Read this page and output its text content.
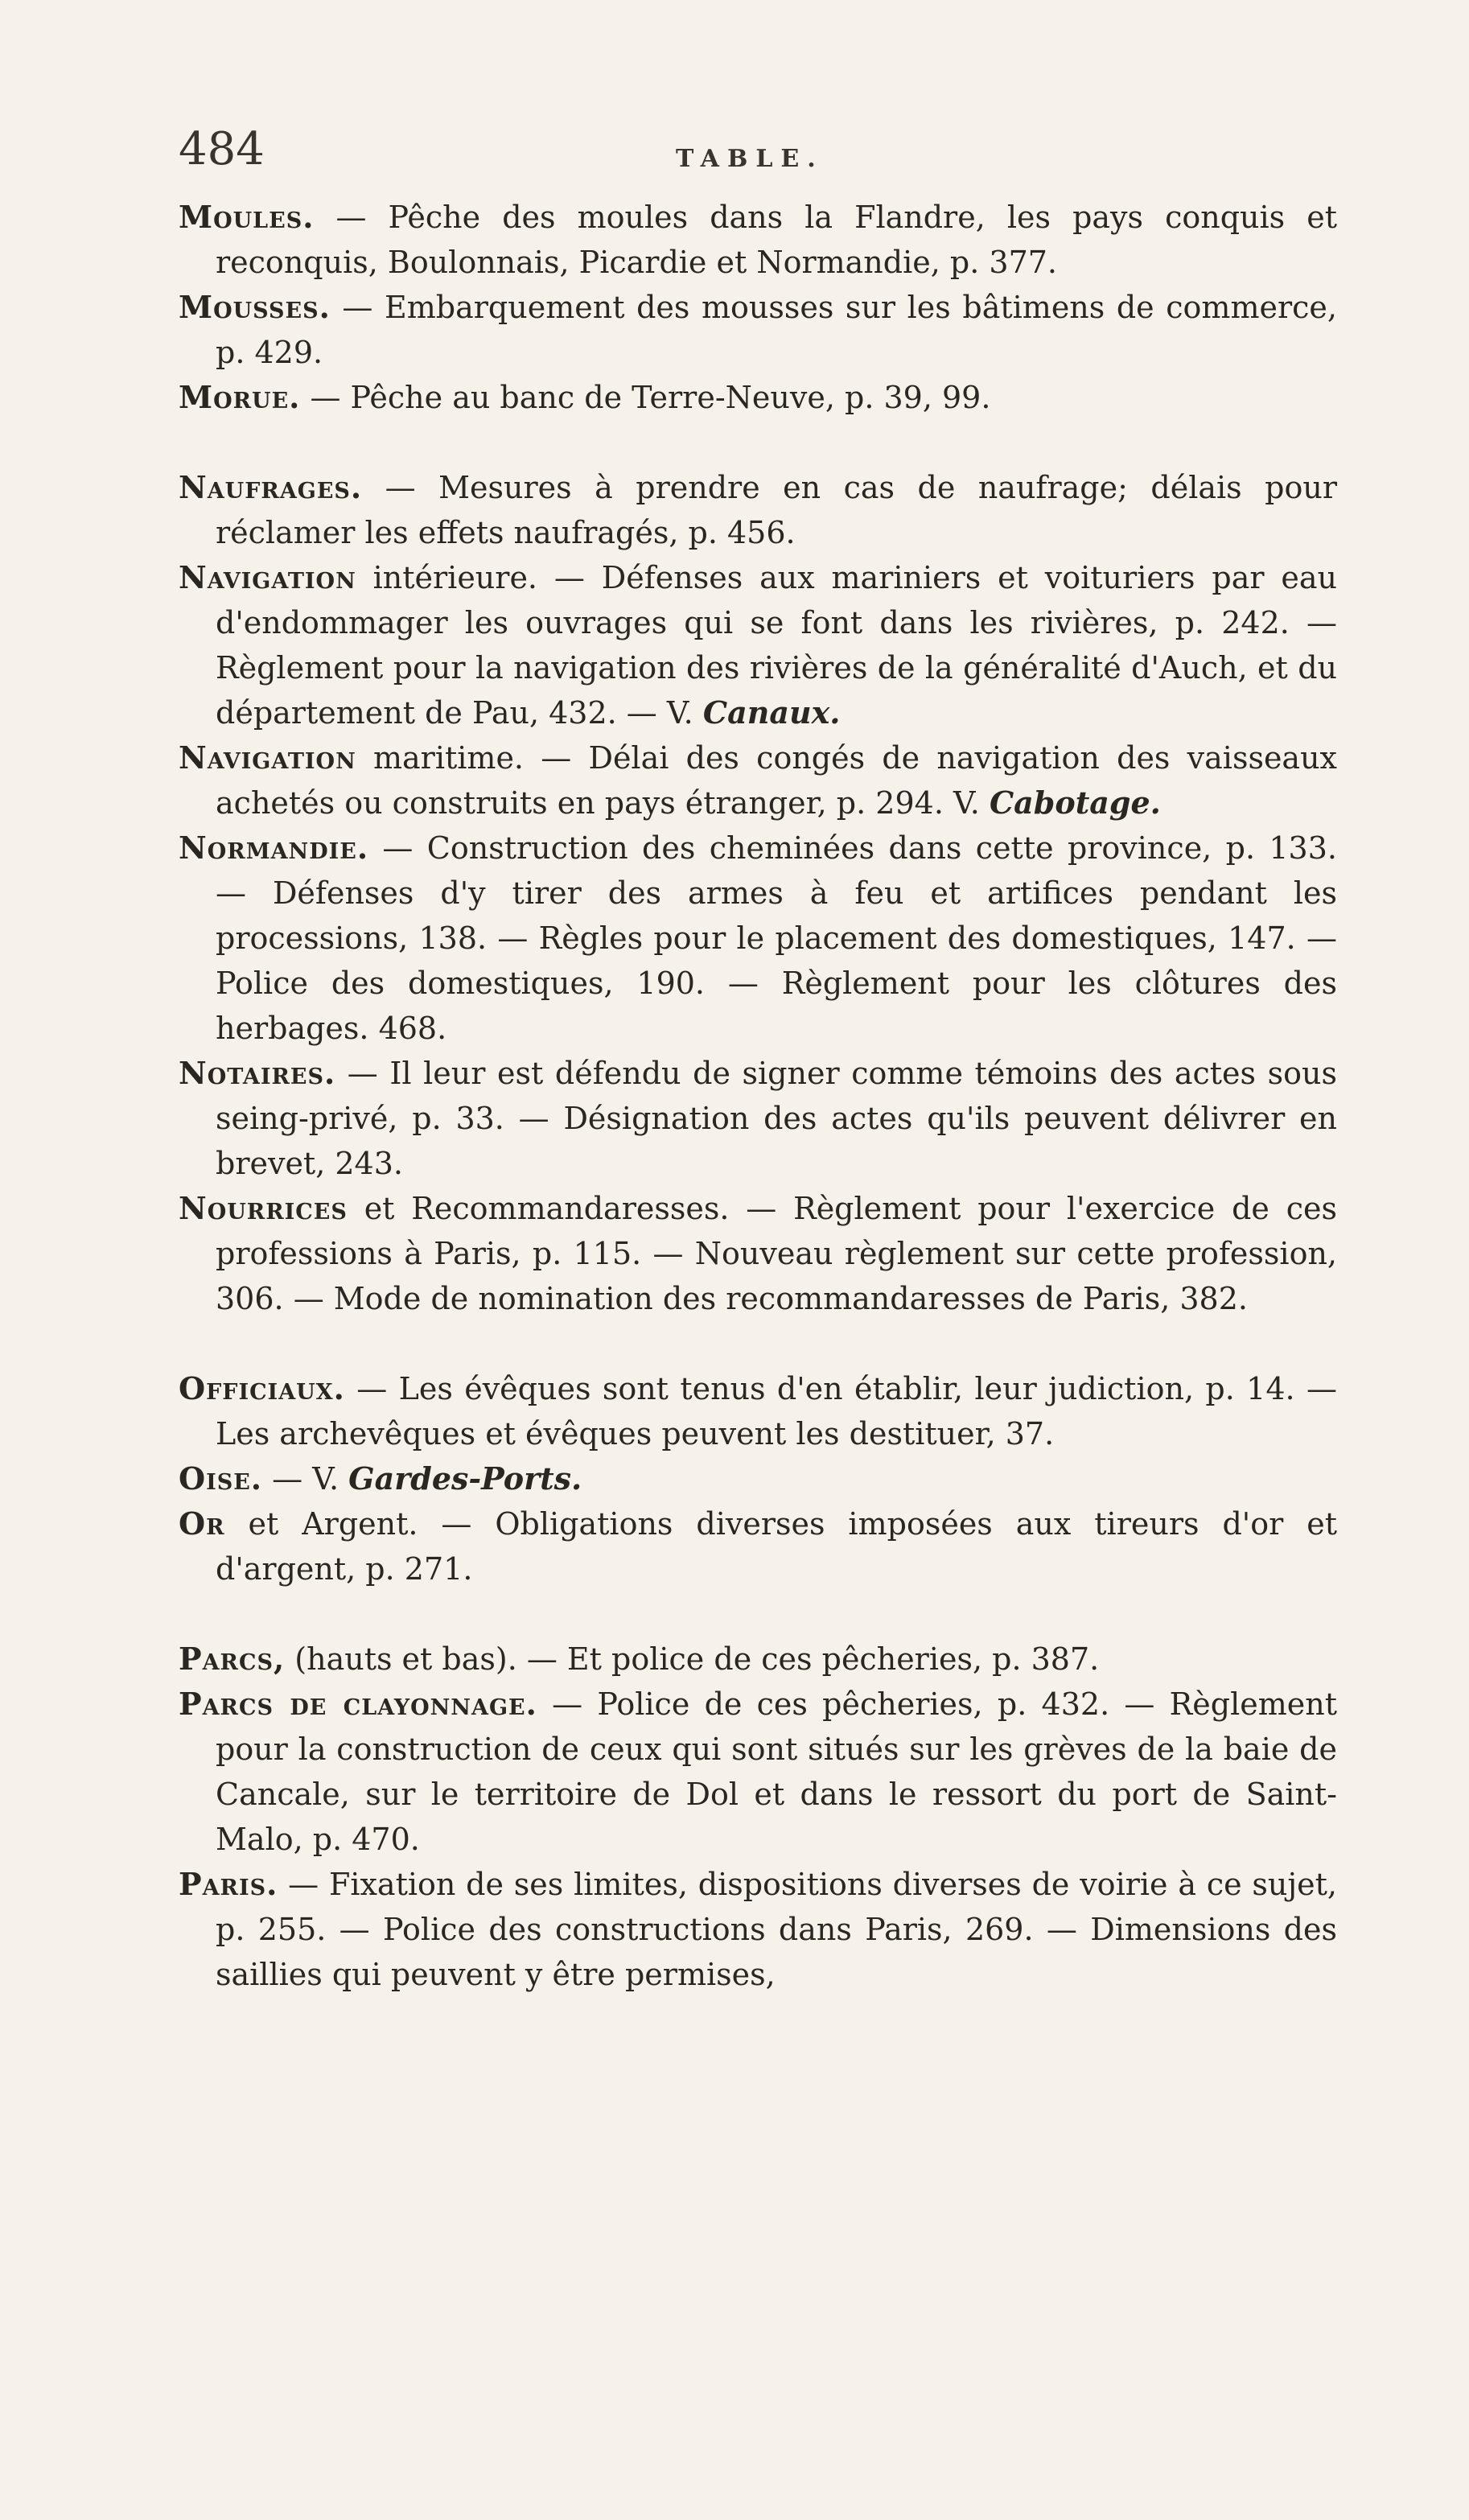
484	TABLE.

Moules. — Pêche des moules dans la Flandre, les pays conquis et reconquis, Boulonnais, Picardie et Normandie, p. 377.

Mousses. — Embarquement des mousses sur les bâtimens de commerce, p. 429.

Morue. — Pêche au banc de Terre-Neuve, p. 39, 99.

Naufrages. — Mesures à prendre en cas de naufrage; délais pour réclamer les effets naufragés, p. 456.

Navigation intérieure. — Défenses aux mariniers et voituriers par eau d'endommager les ouvrages qui se font dans les rivières, p. 242. — Règlement pour la navigation des rivières de la généralité d'Auch, et du département de Pau, 432. — V. Canaux.

Navigation maritime. — Délai des congés de navigation des vaisseaux achetés ou construits en pays étranger, p. 294. V. Cabotage.

Normandie. — Construction des cheminées dans cette province, p. 133. — Défenses d'y tirer des armes à feu et artifices pendant les processions, 138. — Règles pour le placement des domestiques, 147. — Police des domestiques, 190. — Règlement pour les clôtures des herbages. 468.

Notaires. — Il leur est défendu de signer comme témoins des actes sous seing-privé, p. 33. — Désignation des actes qu'ils peuvent délivrer en brevet, 243.

Nourrices et Recommandaresses. — Règlement pour l'exercice de ces professions à Paris, p. 115. — Nouveau règlement sur cette profession, 306. — Mode de nomination des recommandaresses de Paris, 382.

Officiaux. — Les évêques sont tenus d'en établir, leur judiction, p. 14. — Les archevêques et évêques peuvent les destituer, 37.

Oise. — V. Gardes-Ports.

Or et Argent. — Obligations diverses imposées aux tireurs d'or et d'argent, p. 271.

Parcs, (hauts et bas). — Et police de ces pêcheries, p. 387.

Parcs de clayonnage. — Police de ces pêcheries, p. 432. — Règlement pour la construction de ceux qui sont situés sur les grèves de la baie de Cancale, sur le territoire de Dol et dans le ressort du port de Saint-Malo, p. 470.

Paris. — Fixation de ses limites, dispositions diverses de voirie à ce sujet, p. 255. — Police des constructions dans Paris, 269. — Dimensions des saillies qui peuvent y être permises,
